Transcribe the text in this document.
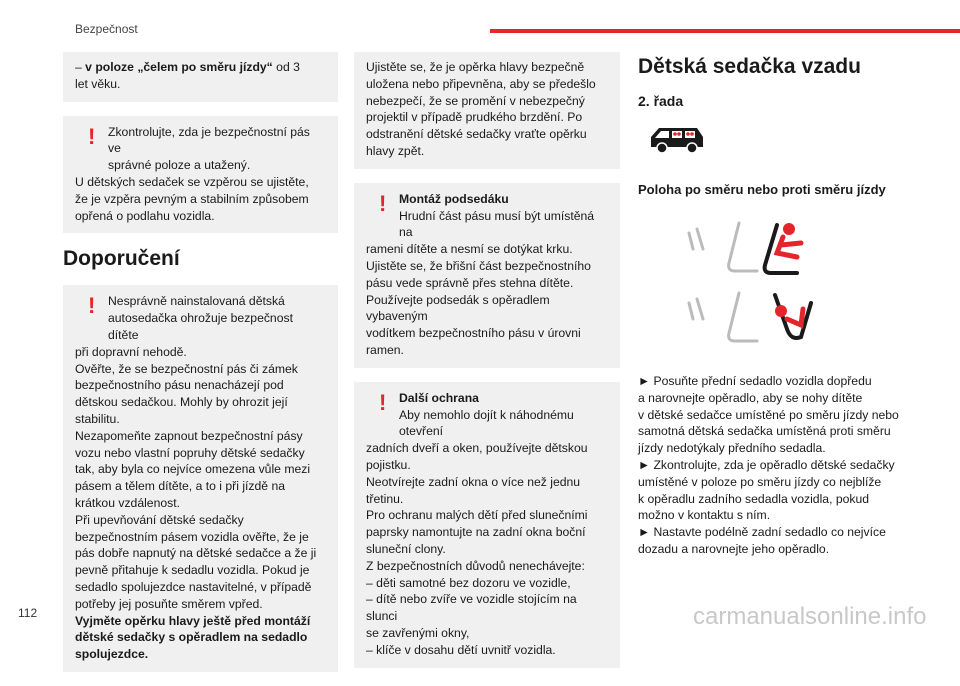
Bezpečnost
– v poloze „čelem po směru jízdy“ od 3
let věku.
!	Zkontrolujte, zda je bezpečnostní pás ve
správné poloze a utažený.
U dětských sedaček se vzpěrou se ujistěte,
že je vzpěra pevným a stabilním způsobem
opřená o podlahu vozidla.
Doporučení
!	Nesprávně nainstalovaná dětská
autosedačka ohrožuje bezpečnost dítěte
při dopravní nehodě.
Ověřte, že se bezpečnostní pás či zámek
bezpečnostního pásu nenacházejí pod
dětskou sedačkou. Mohly by ohrozit její
stabilitu.
Nezapomeňte zapnout bezpečnostní pásy
vozu nebo vlastní popruhy dětské sedačky
tak, aby byla co nejvíce omezena vůle mezi
pásem a tělem dítěte, a to i při jízdě na
krátkou vzdálenost.
Při upevňování dětské sedačky
bezpečnostním pásem vozidla ověřte, že je
pás dobře napnutý na dětské sedačce a že ji
pevně přitahuje k sedadlu vozidla. Pokud je
sedadlo spolujezdce nastavitelné, v případě
potřeby jej posuňte směrem vpřed.
Vyjměte opěrku hlavy ještě před montáží
dětské sedačky s opěradlem na sedadlo
spolujezdce.
Ujistěte se, že je opěrka hlavy bezpečně
uložena nebo připevněna, aby se předešlo
nebezpečí, že se promění v nebezpečný
projektil v případě prudkého brzdění. Po
odstranění dětské sedačky vraťte opěrku
hlavy zpět.
!	Montáž podsedáku
Hrudní část pásu musí být umístěná na
rameni dítěte a nesmí se dotýkat krku.
Ujistěte se, že břišní část bezpečnostního
pásu vede správně přes stehna dítěte.
Používejte podsedák s opěradlem vybaveným
vodítkem bezpečnostního pásu v úrovni
ramen.
!	Další ochrana
Aby nemohlo dojít k náhodnému otevření
zadních dveří a oken, používejte dětskou
pojistku.
Neotvírejte zadní okna o více než jednu
třetinu.
Pro ochranu malých dětí před slunečními
paprsky namontujte na zadní okna boční
sluneční clony.
Z bezpečnostních důvodů nenechávejte:
– děti samotné bez dozoru ve vozidle,
– dítě nebo zvíře ve vozidle stojícím na slunci
se zavřenými okny,
– klíče v dosahu dětí uvnitř vozidla.
Dětská sedačka vzadu
2. řada
Poloha po směru nebo proti směru jízdy
► Posuňte přední sedadlo vozidla dopředu
a narovnejte opěradlo, aby se nohy dítěte
v dětské sedačce umístěné po směru jízdy nebo
samotná dětská sedačka umístěná proti směru
jízdy nedotýkaly předního sedadla.
► Zkontrolujte, zda je opěradlo dětské sedačky
umístěné v poloze po směru jízdy co nejblíže
k opěradlu zadního sedadla vozidla, pokud
možno v kontaktu s ním.
► Nastavte podélně zadní sedadlo co nejvíce
dozadu a narovnejte jeho opěradlo.
112	carmanualsonline.info
